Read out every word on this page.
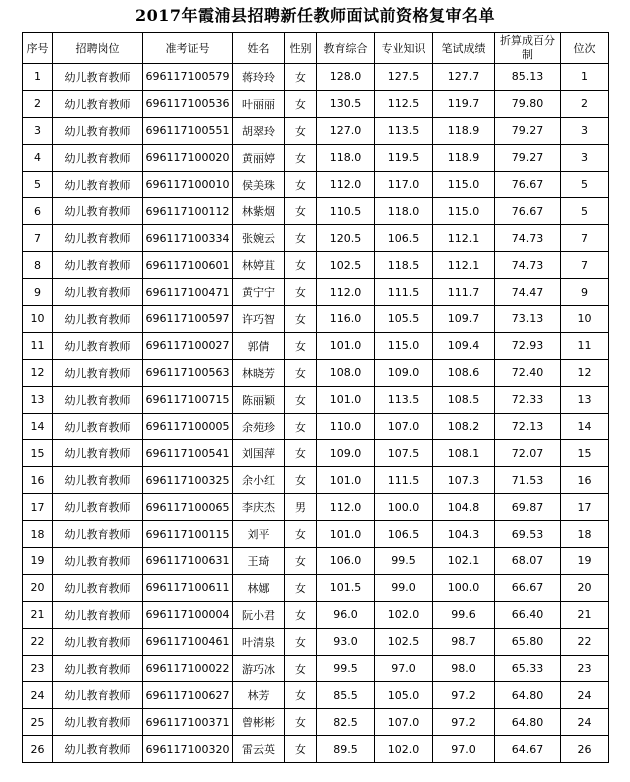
2017年霞浦县招聘新任教师面试前资格复审名单
序号	招聘岗位	准考证号	姓名	性别	教育综合	专业知识	笔试成绩	折算成百分制	位次
1	幼儿教育教师	696117100579	蒋玲玲	女	128.0	127.5	127.7	85.13	1
2	幼儿教育教师	696117100536	叶丽丽	女	130.5	112.5	119.7	79.80	2
3	幼儿教育教师	696117100551	胡翠玲	女	127.0	113.5	118.9	79.27	3
4	幼儿教育教师	696117100020	黄丽婷	女	118.0	119.5	118.9	79.27	3
5	幼儿教育教师	696117100010	侯美珠	女	112.0	117.0	115.0	76.67	5
6	幼儿教育教师	696117100112	林紫烟	女	110.5	118.0	115.0	76.67	5
7	幼儿教育教师	696117100334	张婉云	女	120.5	106.5	112.1	74.73	7
8	幼儿教育教师	696117100601	林婷苴	女	102.5	118.5	112.1	74.73	7
9	幼儿教育教师	696117100471	黄宁宁	女	112.0	111.5	111.7	74.47	9
10	幼儿教育教师	696117100597	许巧智	女	116.0	105.5	109.7	73.13	10
11	幼儿教育教师	696117100027	郭倩	女	101.0	115.0	109.4	72.93	11
12	幼儿教育教师	696117100563	林晓芳	女	108.0	109.0	108.6	72.40	12
13	幼儿教育教师	696117100715	陈丽颖	女	101.0	113.5	108.5	72.33	13
14	幼儿教育教师	696117100005	余苑珍	女	110.0	107.0	108.2	72.13	14
15	幼儿教育教师	696117100541	刘国萍	女	109.0	107.5	108.1	72.07	15
16	幼儿教育教师	696117100325	余小红	女	101.0	111.5	107.3	71.53	16
17	幼儿教育教师	696117100065	李庆杰	男	112.0	100.0	104.8	69.87	17
18	幼儿教育教师	696117100115	刘平	女	101.0	106.5	104.3	69.53	18
19	幼儿教育教师	696117100631	王琦	女	106.0	99.5	102.1	68.07	19
20	幼儿教育教师	696117100611	林娜	女	101.5	99.0	100.0	66.67	20
21	幼儿教育教师	696117100004	阮小君	女	96.0	102.0	99.6	66.40	21
22	幼儿教育教师	696117100461	叶清泉	女	93.0	102.5	98.7	65.80	22
23	幼儿教育教师	696117100022	游巧冰	女	99.5	97.0	98.0	65.33	23
24	幼儿教育教师	696117100627	林芳	女	85.5	105.0	97.2	64.80	24
25	幼儿教育教师	696117100371	曾彬彬	女	82.5	107.0	97.2	64.80	24
26	幼儿教育教师	696117100320	雷云英	女	89.5	102.0	97.0	64.67	26
